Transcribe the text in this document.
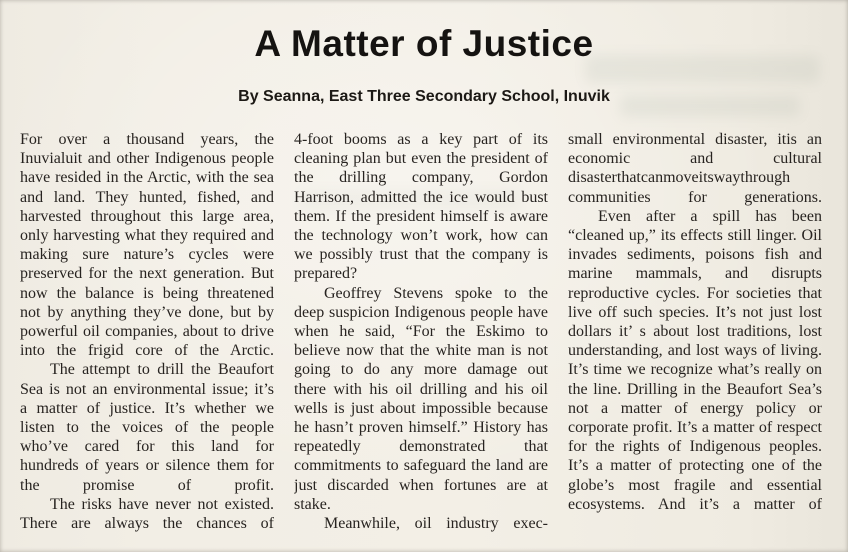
A Matter of Justice

By Seanna, East Three Secondary School, Inuvik

For over a thousand years, the Inuvialuit and other Indigenous people have resided in the Arctic, with the sea and land. They hunted, fished, and harvested throughout this large area, only harvesting what they required and making sure nature’s cycles were preserved for the next generation. But now the balance is being threatened not by anything they’ve done, but by powerful oil companies, about to drive into the frigid core of the Arctic.

The attempt to drill the Beaufort Sea is not an environmental issue; it’s a matter of justice. It’s whether we listen to the voices of the people who’ve cared for this land for hundreds of years or silence them for the promise of profit.

The risks have never not existed. There are always the chances of

4-foot booms as a key part of its cleaning plan but even the president of the drilling company, Gordon Harrison, admitted the ice would bust them. If the president himself is aware the technology won’t work, how can we possibly trust that the company is prepared?

Geoffrey Stevens spoke to the deep suspicion Indigenous people have when he said, “For the Eskimo to believe now that the white man is not going to do any more damage out there with his oil drilling and his oil wells is just about impossible because he hasn’t proven himself.” History has repeatedly demonstrated that commitments to safeguard the land are just discarded when fortunes are at stake.

Meanwhile, oil industry exec-

small environmental disaster, itis an economic and cultural disasterthatcanmoveitswaythrough communities for generations.

Even after a spill has been “cleaned up,” its effects still linger. Oil invades sediments, poisons fish and marine mammals, and disrupts reproductive cycles. For societies that live off such species. It’s not just lost dollars it’ s about lost traditions, lost understanding, and lost ways of living. It’s time we recognize what’s really on the line. Drilling in the Beaufort Sea’s not a matter of energy policy or corporate profit. It’s a matter of respect for the rights of Indigenous peoples. It’s a matter of protecting one of the globe’s most fragile and essential ecosystems. And it’s a matter of
